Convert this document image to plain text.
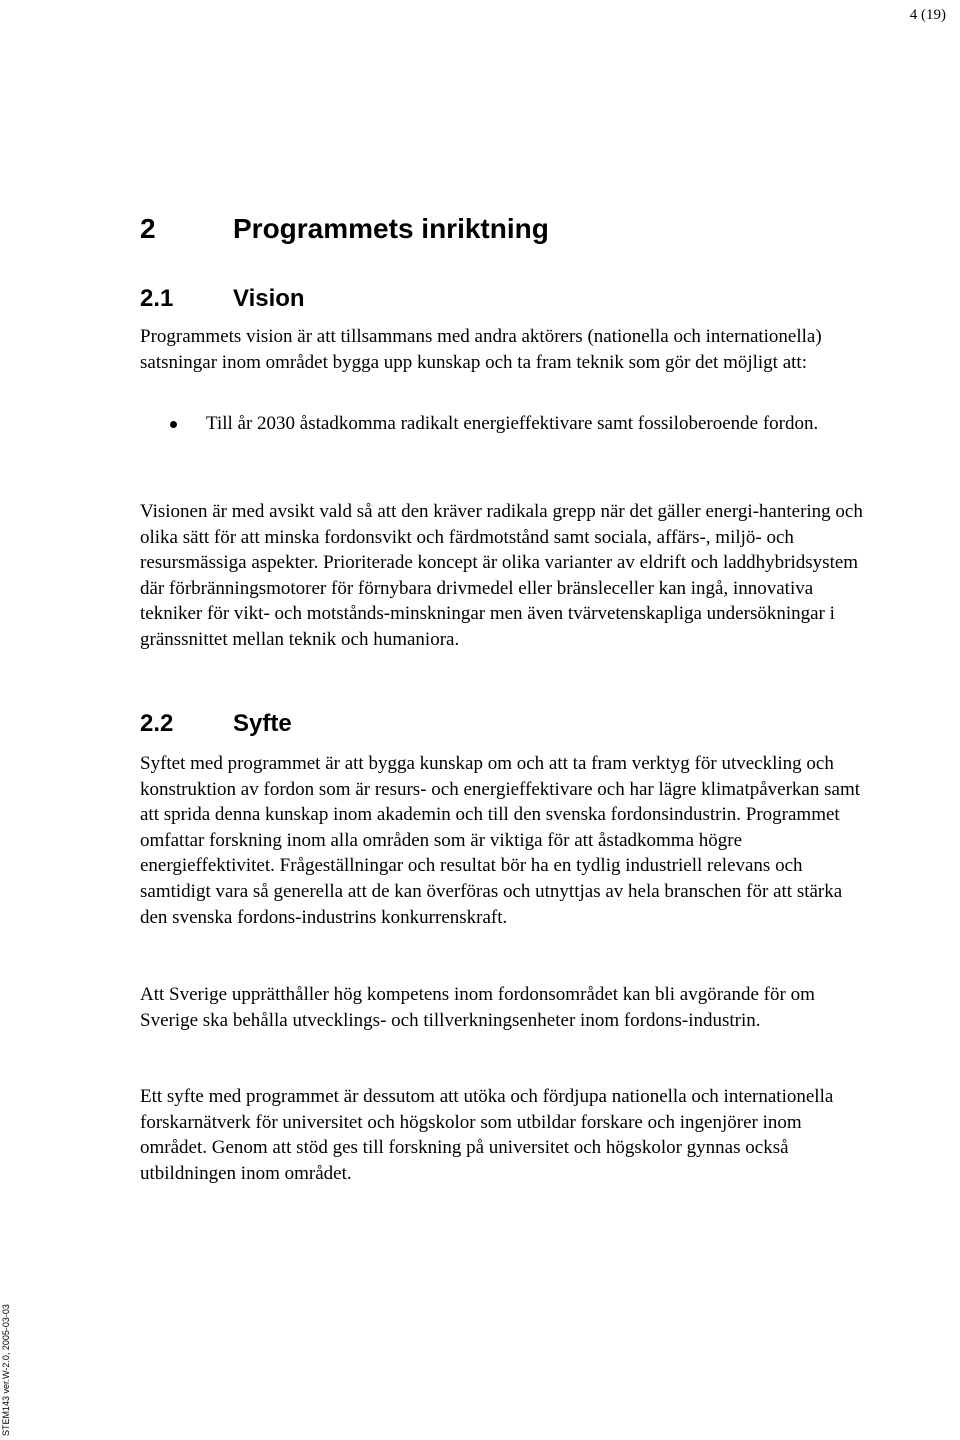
4 (19)
2	Programmets inriktning
2.1 Vision

Programmets vision är att tillsammans med andra aktörers (nationella och internationella) satsningar inom området bygga upp kunskap och ta fram teknik som gör det möjligt att:

Till år 2030 åstadkomma radikalt energieffektivare samt fossiloberoende fordon.

Visionen är med avsikt vald så att den kräver radikala grepp när det gäller energi-hantering och olika sätt för att minska fordonsvikt och färdmotstånd samt sociala, affärs-, miljö- och resursmässiga aspekter. Prioriterade koncept är olika varianter av eldrift och laddhybridsystem där förbränningsmotorer för förnybara drivmedel eller bränsleceller kan ingå, innovativa tekniker för vikt- och motstånds-minskningar men även tvärvetenskapliga undersökningar i gränssnittet mellan teknik och humaniora.

2.2 Syfte

Syftet med programmet är att bygga kunskap om och att ta fram verktyg för utveckling och konstruktion av fordon som är resurs- och energieffektivare och har lägre klimatpåverkan samt att sprida denna kunskap inom akademin och till den svenska fordonsindustrin. Programmet omfattar forskning inom alla områden som är viktiga för att åstadkomma högre energieffektivitet. Frågeställningar och resultat bör ha en tydlig industriell relevans och samtidigt vara så generella att de kan överföras och utnyttjas av hela branschen för att stärka den svenska fordons-industrins konkurrenskraft.

Att Sverige upprätthåller hög kompetens inom fordonsområdet kan bli avgörande för om Sverige ska behålla utvecklings- och tillverkningsenheter inom fordons-industrin.

Ett syfte med programmet är dessutom att utöka och fördjupa nationella och internationella forskarnätverk för universitet och högskolor som utbildar forskare och ingenjörer inom området. Genom att stöd ges till forskning på universitet och högskolor gynnas också utbildningen inom området.

STEM143 ver.W-2.0, 2005-03-03
